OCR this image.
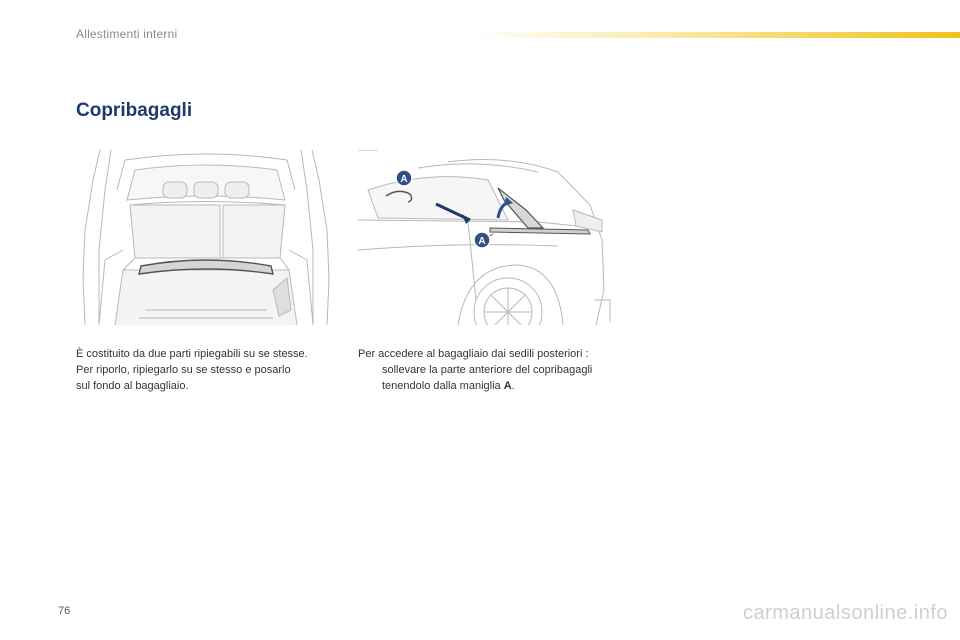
Allestimenti interni
Copribagagli
A
A

È costituito da due parti ripiegabili su se stesse.

Per riporlo, ripiegarlo su se stesso e posarlo

sul fondo al bagagliaio.

Per accedere al bagagliaio dai sedili posteriori :

sollevare la parte anteriore del copribagagli

tenendolo dalla maniglia A.

76	carmanualsonline.info
